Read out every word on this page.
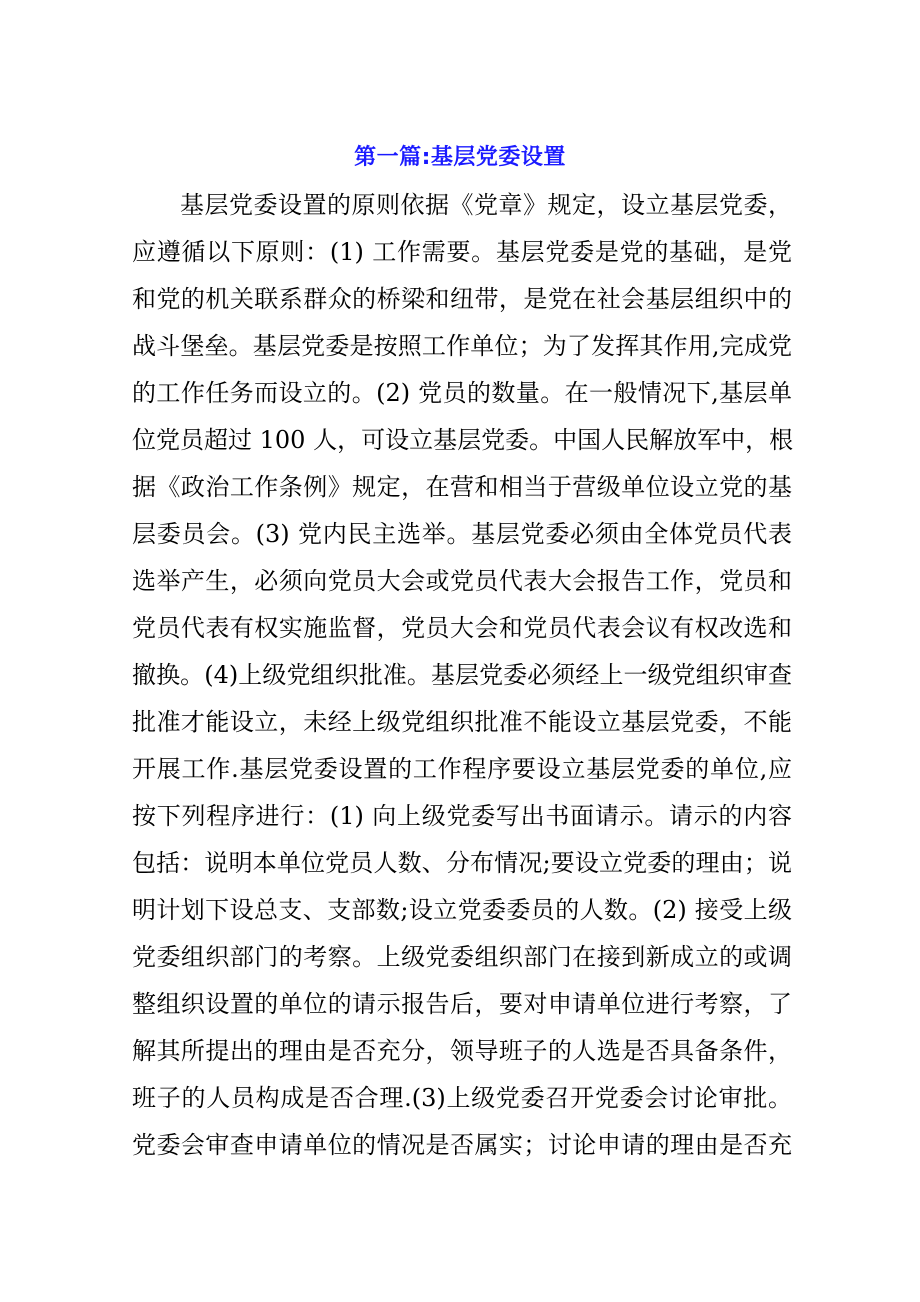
第一篇:基层党委设置
基层党委设置的原则依据《党章》规定，设立基层党委，
应遵循以下原则：(1) 工作需要。基层党委是党的基础，是党
和党的机关联系群众的桥梁和纽带，是党在社会基层组织中的
战斗堡垒。基层党委是按照工作单位；为了发挥其作用,完成党
的工作任务而设立的。(2) 党员的数量。在一般情况下,基层单
位党员超过 100 人，可设立基层党委。中国人民解放军中，根
据《政治工作条例》规定，在营和相当于营级单位设立党的基
层委员会。(3) 党内民主选举。基层党委必须由全体党员代表
选举产生，必须向党员大会或党员代表大会报告工作，党员和
党员代表有权实施监督，党员大会和党员代表会议有权改选和
撤换。(4)上级党组织批准。基层党委必须经上一级党组织审查
批准才能设立，未经上级党组织批准不能设立基层党委，不能
开展工作.基层党委设置的工作程序要设立基层党委的单位,应
按下列程序进行：(1) 向上级党委写出书面请示。请示的内容
包括：说明本单位党员人数、分布情况;要设立党委的理由；说
明计划下设总支、支部数;设立党委委员的人数。(2) 接受上级
党委组织部门的考察。上级党委组织部门在接到新成立的或调
整组织设置的单位的请示报告后，要对申请单位进行考察，了
解其所提出的理由是否充分，领导班子的人选是否具备条件，
班子的人员构成是否合理.(3)上级党委召开党委会讨论审批。
党委会审查申请单位的情况是否属实；讨论申请的理由是否充
